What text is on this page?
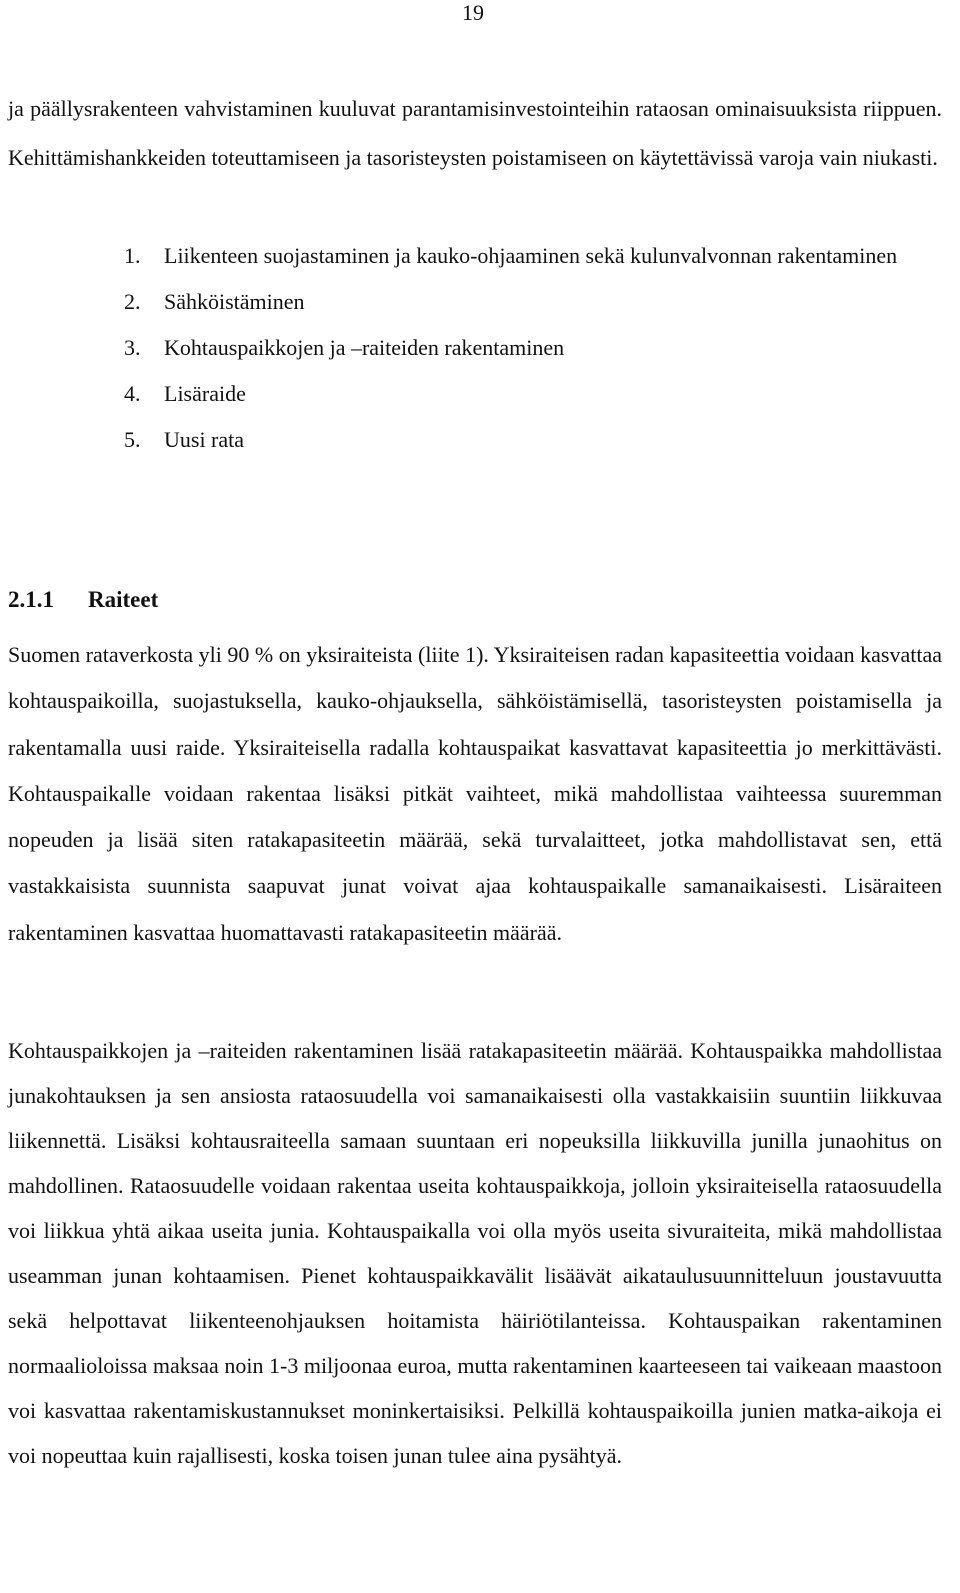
19

ja päällysrakenteen vahvistaminen kuuluvat parantamisinvestointeihin rataosan ominaisuuksista riippuen. Kehittämishankkeiden toteuttamiseen ja tasoristeysten poistamiseen on käytettävissä varoja vain niukasti.

1. Liikenteen suojastaminen ja kauko-ohjaaminen sekä kulunvalvonnan rakentaminen
2. Sähköistäminen
3. Kohtauspaikkojen ja –raiteiden rakentaminen
4. Lisäraide
5. Uusi rata
2.1.1 Raiteet

Suomen rataverkosta yli 90 % on yksiraiteista (liite 1). Yksiraiteisen radan kapasiteettia voidaan kasvattaa kohtauspaikoilla, suojastuksella, kauko-ohjauksella, sähköistämisellä, tasoristeysten poistamisella ja rakentamalla uusi raide. Yksiraiteisella radalla kohtauspaikat kasvattavat kapasiteettia jo merkittävästi. Kohtauspaikalle voidaan rakentaa lisäksi pitkät vaihteet, mikä mahdollistaa vaihteessa suuremman nopeuden ja lisää siten ratakapasiteetin määrää, sekä turvalaitteet, jotka mahdollistavat sen, että vastakkaisista suunnista saapuvat junat voivat ajaa kohtauspaikalle samanaikaisesti. Lisäraiteen rakentaminen kasvattaa huomattavasti ratakapasiteetin määrää.

Kohtauspaikkojen ja –raiteiden rakentaminen lisää ratakapasiteetin määrää. Kohtauspaikka mahdollistaa junakohtauksen ja sen ansiosta rataosuudella voi samanaikaisesti olla vastakkaisiin suuntiin liikkuvaa liikennettä. Lisäksi kohtausraiteella samaan suuntaan eri nopeuksilla liikkuvilla junilla junaohitus on mahdollinen. Rataosuudelle voidaan rakentaa useita kohtauspaikkoja, jolloin yksiraiteisella rataosuudella voi liikkua yhtä aikaa useita junia. Kohtauspaikalla voi olla myös useita sivuraiteita, mikä mahdollistaa useamman junan kohtaamisen. Pienet kohtauspaikkavälit lisäävät aikataulusuunnitteluun joustavuutta sekä helpottavat liikenteenohjauksen hoitamista häiriötilanteissa. Kohtauspaikan rakentaminen normaalioloissa maksaa noin 1-3 miljoonaa euroa, mutta rakentaminen kaarteeseen tai vaikeaan maastoon voi kasvattaa rakentamiskustannukset moninkertaisiksi. Pelkillä kohtauspaikoilla junien matka-aikoja ei voi nopeuttaa kuin rajallisesti, koska toisen junan tulee aina pysähtyä.
